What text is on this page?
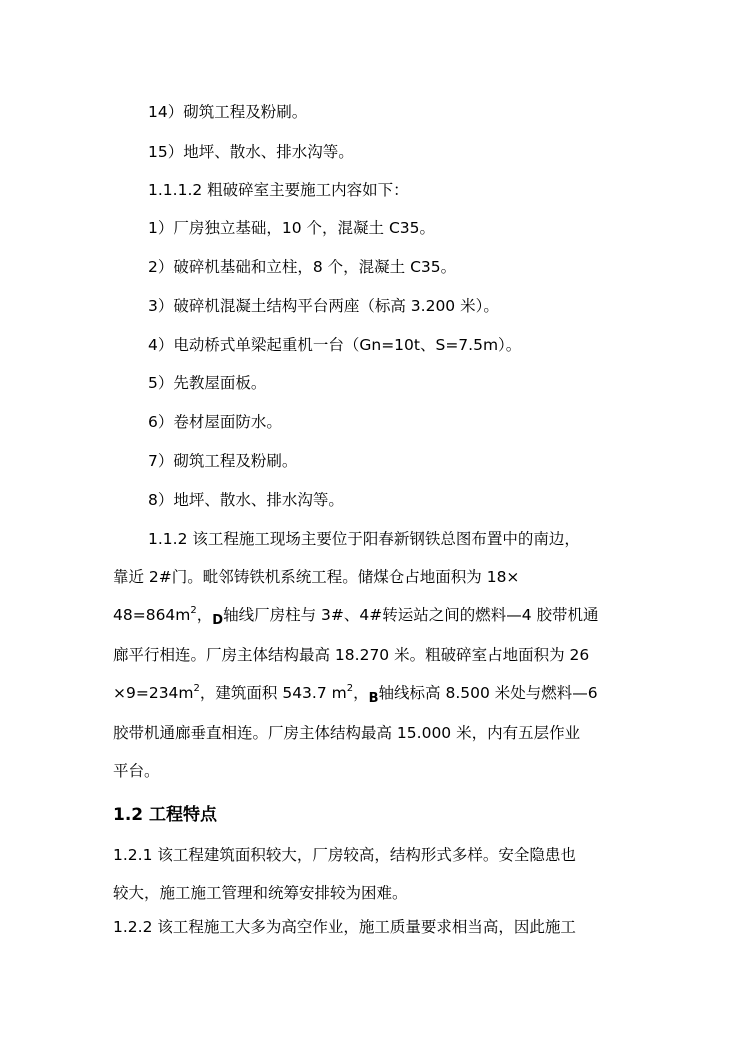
14）砌筑工程及粉刷。
15）地坪、散水、排水沟等。
1.1.1.2 粗破碎室主要施工内容如下：
1）厂房独立基础，10 个，混凝土 C35。
2）破碎机基础和立柱，8 个，混凝土 C35。
3）破碎机混凝土结构平台两座（标高 3.200 米）。
4）电动桥式单梁起重机一台（Gn=10t、S=7.5m）。
5）先教屋面板。
6）卷材屋面防水。
7）砌筑工程及粉刷。
8）地坪、散水、排水沟等。
1.1.2 该工程施工现场主要位于阳春新钢铁总图布置中的南边，
靠近 2#门。毗邻铸铁机系统工程。储煤仓占地面积为 18×
$48=864m^2$，$_D$轴线厂房柱与 3#、4#转运站之间的燃料—4 胶带机通
廊平行相连。厂房主体结构最高 18.270 米。粗破碎室占地面积为 26
$\times 9=234m^2$，建筑面积 543.7 $m^2$，$_B$轴线标高 8.500 米处与燃料—6
胶带机通廊垂直相连。厂房主体结构最高 15.000 米，内有五层作业
平台。
1.2 工程特点
1.2.1 该工程建筑面积较大，厂房较高，结构形式多样。安全隐患也
较大，施工施工管理和统筹安排较为困难。
1.2.2 该工程施工大多为高空作业，施工质量要求相当高，因此施工
